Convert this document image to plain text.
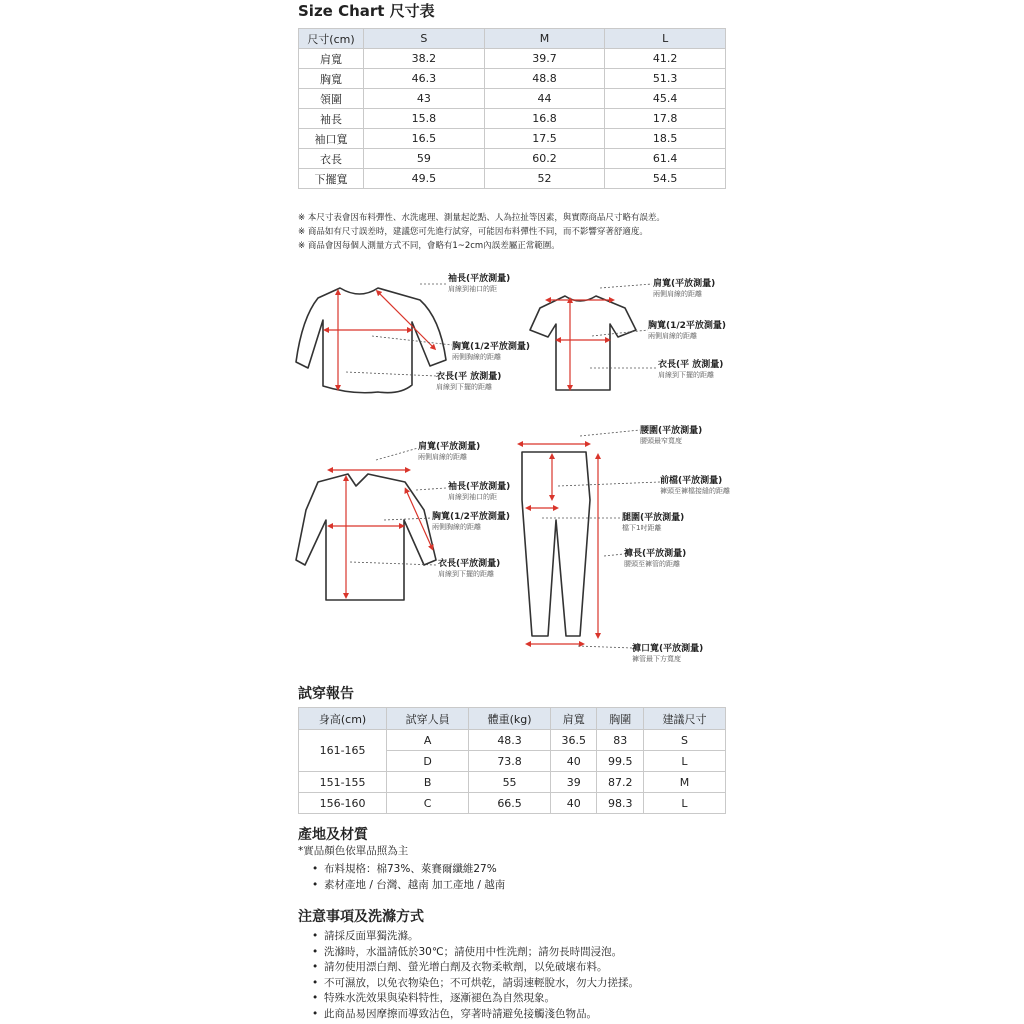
Size Chart 尺寸表
尺寸(cm)	S	M	L
肩寬	38.2	39.7	41.2
胸寬	46.3	48.8	51.3
領圍	43	44	45.4
袖長	15.8	16.8	17.8
袖口寬	16.5	17.5	18.5
衣長	59	60.2	61.4
下擺寬	49.5	52	54.5
※ 本尺寸表會因布料彈性、水洗處理、測量起訖點、人為拉扯等因素，與實際商品尺寸略有誤差。
※ 商品如有尺寸誤差時，建議您可先進行試穿，可能因布料彈性不同，而不影響穿著舒適度。
※ 商品會因每個人測量方式不同，會略有1~2cm內誤差屬正常範圍。
袖長(平放測量)
肩線到袖口的距
胸寬(1/2平放測量)
兩側胸線的距離
衣長(平 放測量)
肩線到下擺的距離
肩寬(平放測量)
兩側肩線的距離
胸寬(1/2平放測量)
兩側肩線的距離
衣長(平 放測量)
肩線到下擺的距離
肩寬(平放測量)
兩側肩線的距離
袖長(平放測量)
肩線到袖口的距
胸寬(1/2平放測量)
兩側胸線的距離
衣長(平放測量)
肩線到下擺的距離
腰圍(平放測量)
腰頭最窄寬度
前檔(平放測量)
褲頭至褲檔接縫的距離
腿圍(平放測量)
檔下1吋距離
褲長(平放測量)
腰頭至褲管的距離
褲口寬(平放測量)
褲管最下方寬度
試穿報告
身高(cm)	試穿人員	體重(kg)	肩寬	胸圍	建議尺寸
161-165	A	48.3	36.5	83	S
	D	73.8	40	99.5	L
151-155	B	55	39	87.2	M
156-160	C	66.5	40	98.3	L
產地及材質
*實品顏色依單品照為主
• 布料規格：棉73%、萊賽爾纖維27%
• 素材產地 / 台灣、越南 加工產地 / 越南
注意事項及洗滌方式
• 請採反面單獨洗滌。
• 洗滌時，水溫請低於30℃；請使用中性洗劑；請勿長時間浸泡。
• 請勿使用漂白劑、螢光增白劑及衣物柔軟劑，以免破壞布料。
• 不可濕放，以免衣物染色；不可烘乾，請弱速輕脫水，勿大力搓揉。
• 特殊水洗效果與染料特性，逐漸褪色為自然現象。
• 此商品易因摩擦而導致沾色，穿著時請避免接觸淺色物品。
